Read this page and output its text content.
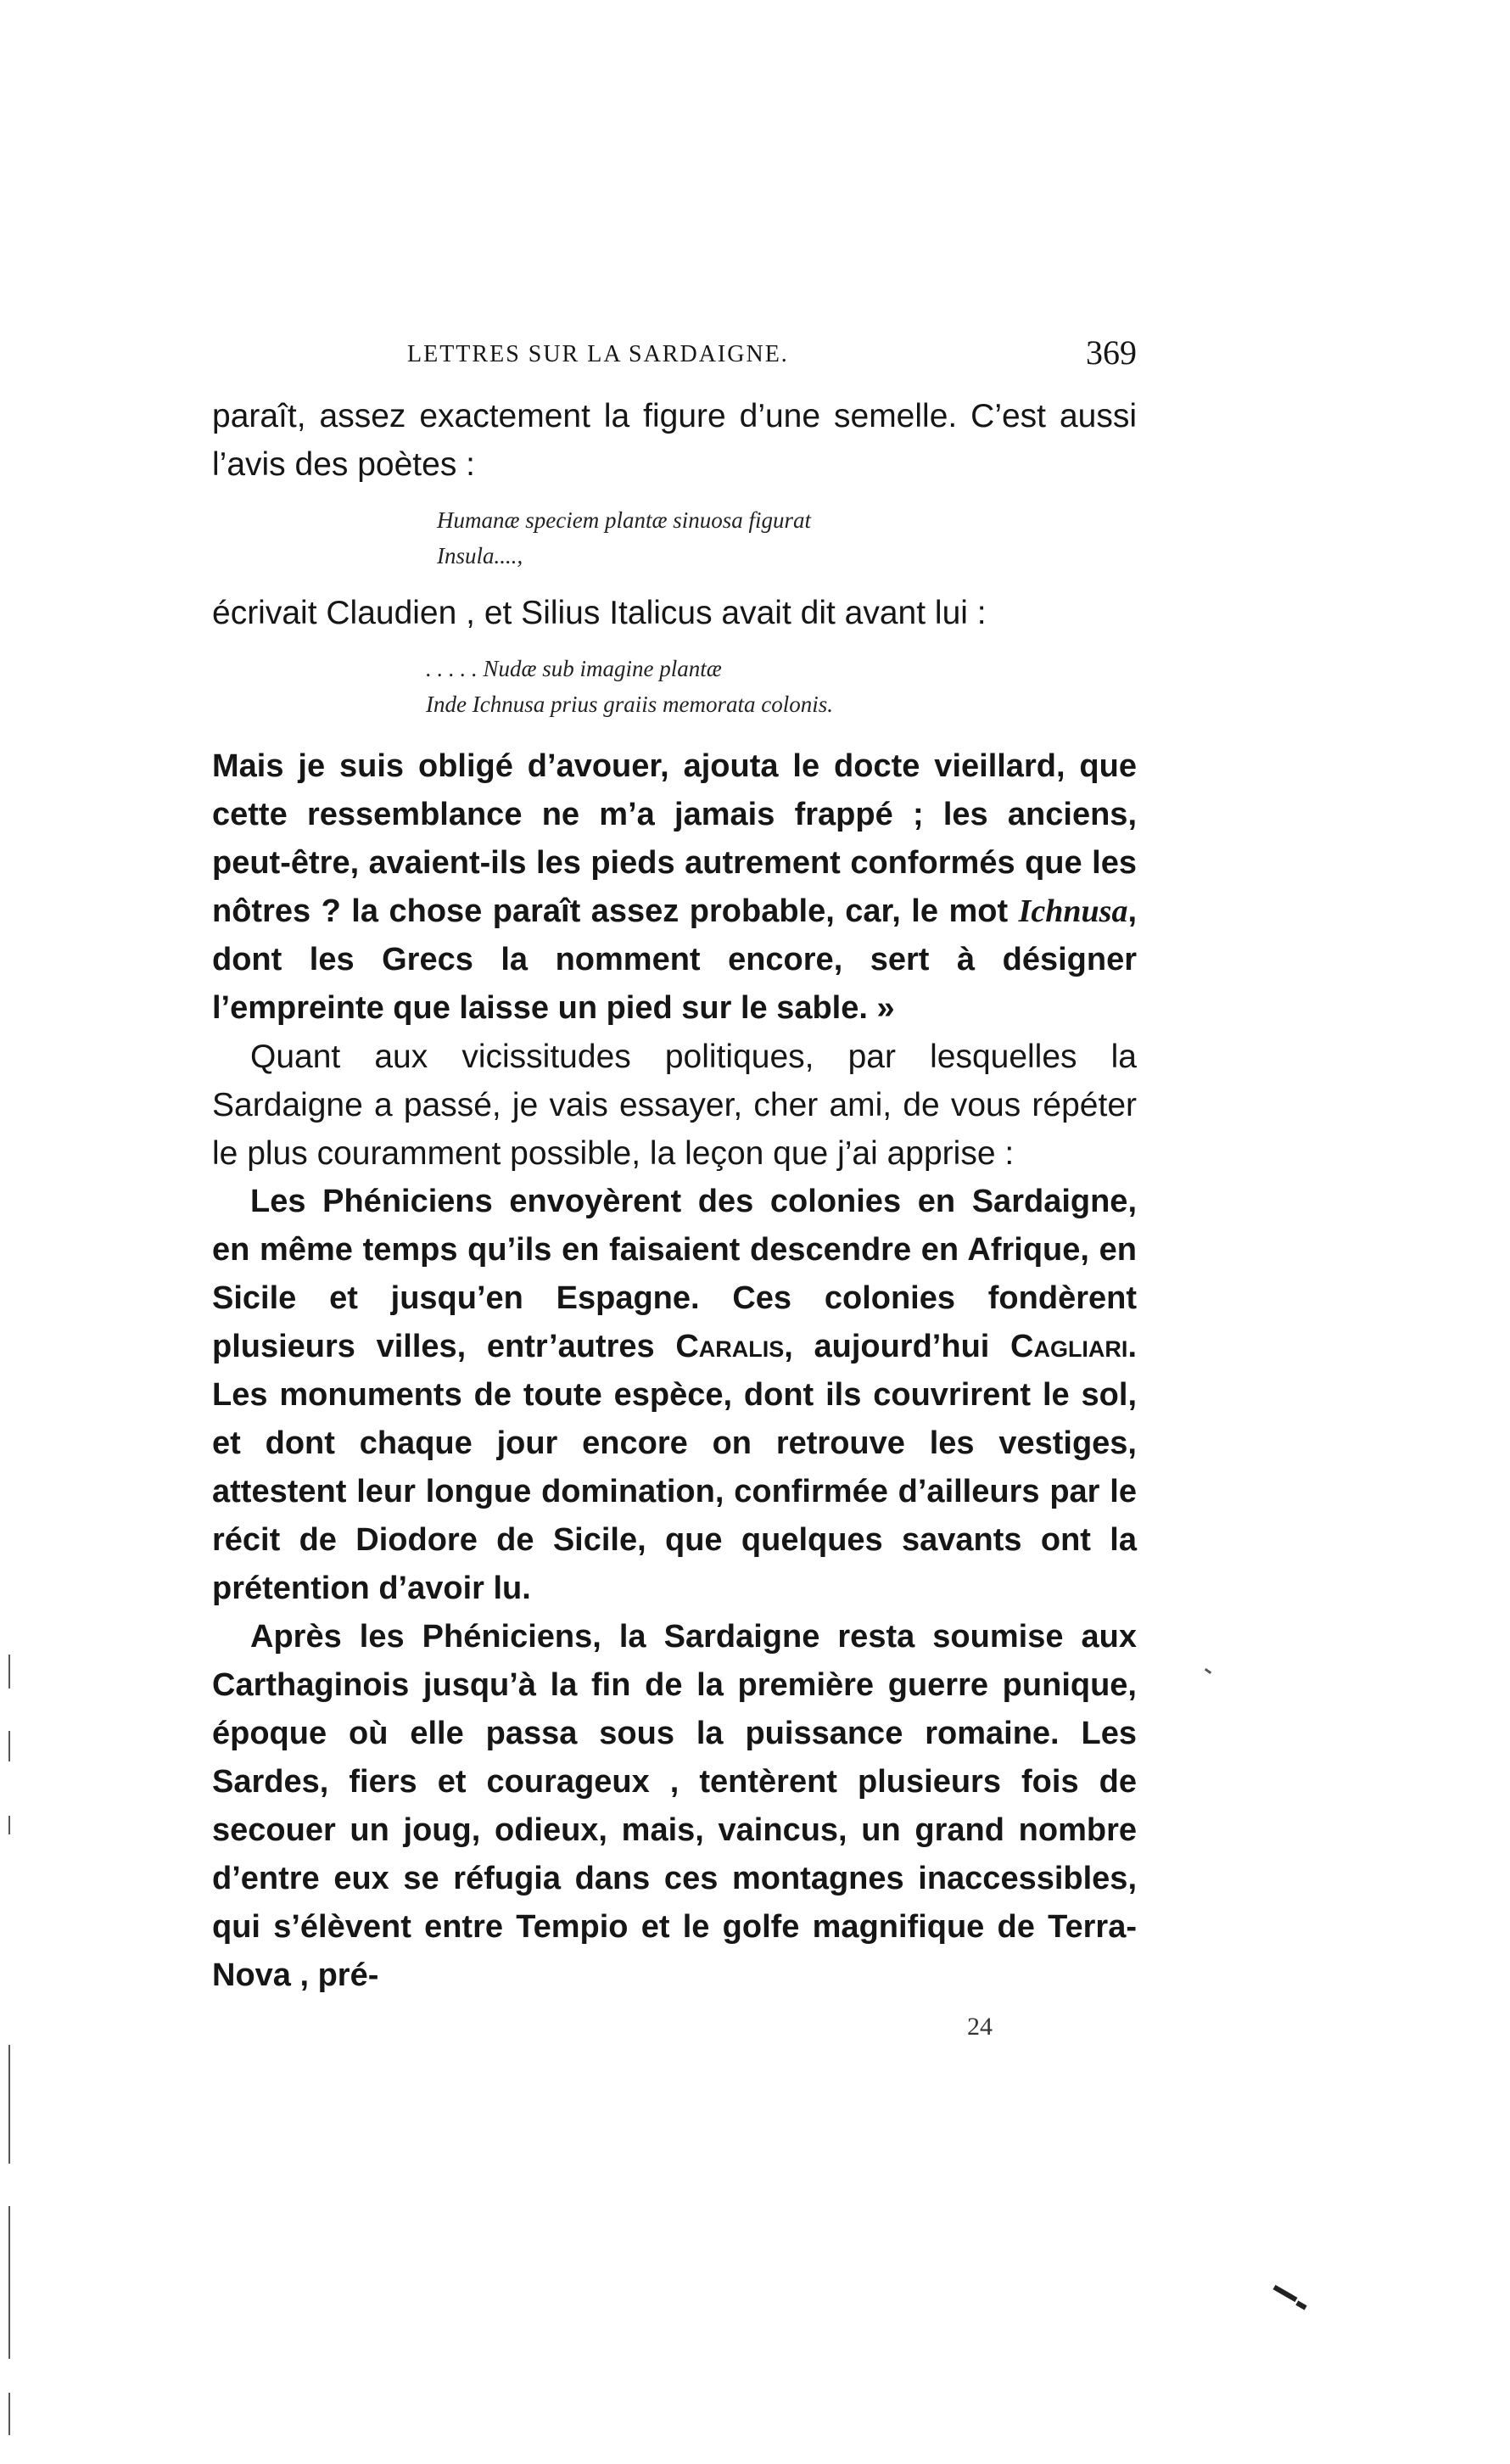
LETTRES SUR LA SARDAIGNE.	369

paraît, assez exactement la figure d’une semelle. C’est aussi l’avis des poètes :

Humanæ speciem plantæ sinuosa figurat
Insula....,

écrivait Claudien , et Silius Italicus avait dit avant lui :

. . . . . Nudæ sub imagine plantæ
Inde Ichnusa prius graiis memorata colonis.

Mais je suis obligé d’avouer, ajouta le docte vieillard, que cette ressemblance ne m’a jamais frappé ; les anciens, peut-être, avaient-ils les pieds autrement conformés que les nôtres ? la chose paraît assez probable, car, le mot Ichnusa, dont les Grecs la nomment encore, sert à désigner l’empreinte que laisse un pied sur le sable. »

Quant aux vicissitudes politiques, par lesquelles la Sardaigne a passé, je vais essayer, cher ami, de vous répéter le plus couramment possible, la leçon que j’ai apprise :

Les Phéniciens envoyèrent des colonies en Sardaigne, en même temps qu’ils en faisaient descendre en Afrique, en Sicile et jusqu’en Espagne. Ces colonies fondèrent plusieurs villes, entr’autres Caralis, aujourd’hui Cagliari. Les monuments de toute espèce, dont ils couvrirent le sol, et dont chaque jour encore on retrouve les vestiges, attestent leur longue domination, confirmée d’ailleurs par le récit de Diodore de Sicile, que quelques savants ont la prétention d’avoir lu.

Après les Phéniciens, la Sardaigne resta soumise aux Carthaginois jusqu’à la fin de la première guerre punique, époque où elle passa sous la puissance romaine. Les Sardes, fiers et courageux , tentèrent plusieurs fois de secouer un joug, odieux, mais, vaincus, un grand nombre d’entre eux se réfugia dans ces montagnes inaccessibles, qui s’élèvent entre Tempio et le golfe magnifique de Terra-Nova , pré-

24
